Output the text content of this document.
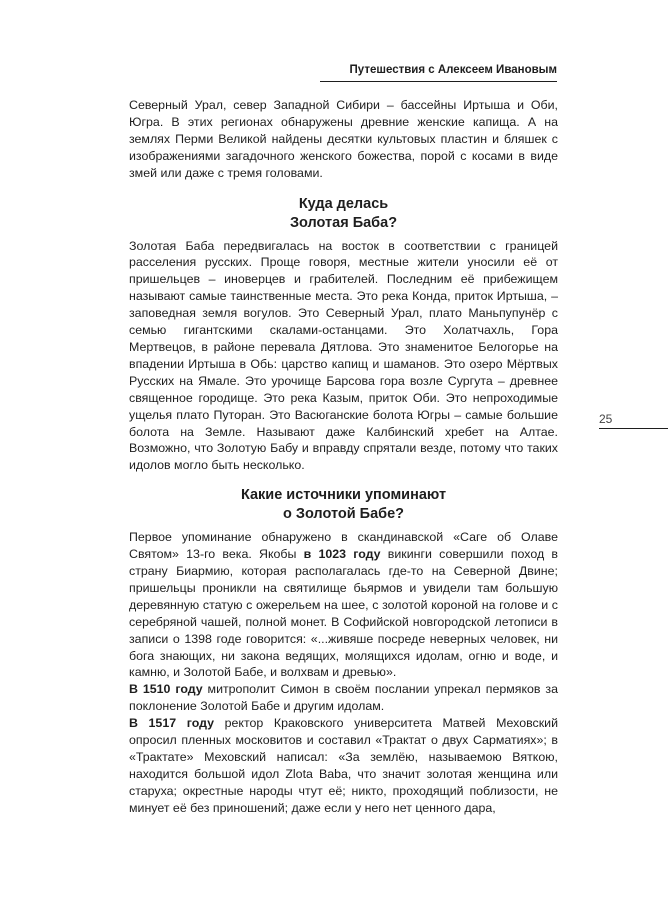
Путешествия с Алексеем Ивановым
25

Северный Урал, север Западной Сибири – бассейны Иртыша и Оби, Югра. В этих регионах обнаружены древние женские капища. А на землях Перми Великой найдены десятки культовых пластин и бляшек с изображениями загадочного женского божества, порой с косами в виде змей или даже с тремя головами.

Куда делась
Золотая Баба?

Золотая Баба передвигалась на восток в соответствии с границей расселения русских. Проще говоря, местные жители уносили её от пришельцев – иноверцев и грабителей. Последним её прибежищем называют самые таинственные места. Это река Конда, приток Иртыша, – заповедная земля вогулов. Это Северный Урал, плато Маньпупунёр с семью гигантскими скалами-останцами. Это Холатчахль, Гора Мертвецов, в районе перевала Дятлова. Это знаменитое Белогорье на впадении Иртыша в Обь: царство капищ и шаманов. Это озеро Мёртвых Русских на Ямале. Это урочище Барсова гора возле Сургута – древнее священное городище. Это река Казым, приток Оби. Это непроходимые ущелья плато Путоран. Это Васюганские болота Югры – самые большие болота на Земле. Называют даже Калбинский хребет на Алтае. Возможно, что Золотую Бабу и вправду спрятали везде, потому что таких идолов могло быть несколько.

Какие источники упоминают
о Золотой Бабе?

Первое упоминание обнаружено в скандинавской «Саге об Олаве Святом» 13-го века. Якобы в 1023 году викинги совершили поход в страну Биармию, которая располагалась где-то на Северной Двине; пришельцы проникли на святилище бьярмов и увидели там большую деревянную статую с ожерельем на шее, с золотой короной на голове и с серебряной чашей, полной монет. В Софийской новгородской летописи в записи о 1398 годе говорится: «...живяше посреде неверных человек, ни бога знающих, ни закона ведящих, молящихся идолам, огню и воде, и камню, и Золотой Бабе, и волхвам и древью».

В 1510 году митрополит Симон в своём послании упрекал пермяков за поклонение Золотой Бабе и другим идолам.

В 1517 году ректор Краковского университета Матвей Меховский опросил пленных московитов и составил «Трактат о двух Сарматиях»; в «Трактате» Меховский написал: «За землёю, называемою Вяткою, находится большой идол Zlota Baba, что значит золотая женщина или старуха; окрестные народы чтут её; никто, проходящий поблизости, не минует её без приношений; даже если у него нет ценного дара,
